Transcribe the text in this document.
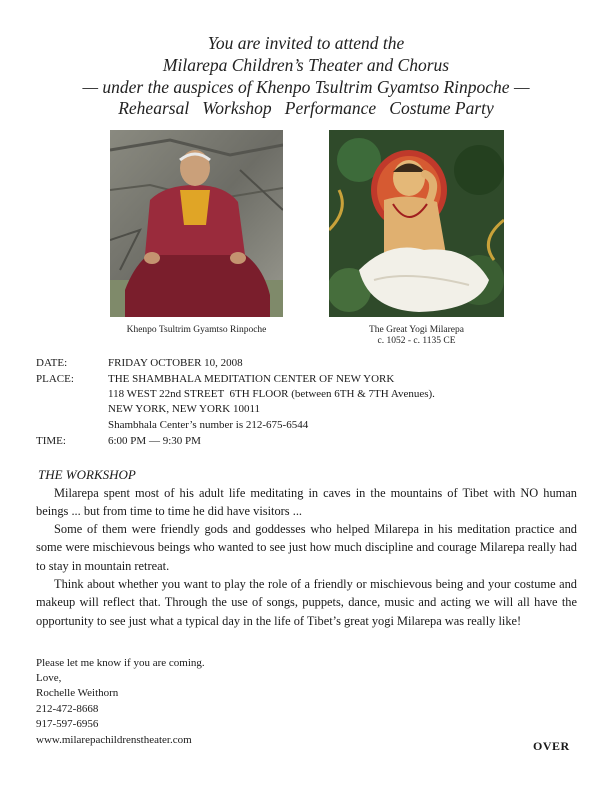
You are invited to attend the
Milarepa Children’s Theater and Chorus
— under the auspices of Khenpo Tsultrim Gyamtso Rinpoche —
Rehearsal   Workshop   Performance   Costume Party
Khenpo Tsultrim Gyamtso Rinpoche	The Great Yogi Milarepa
c. 1052 - c. 1135 CE
DATE:	FRIDAY OCTOBER 10, 2008
PLACE:	THE SHAMBHALA MEDITATION CENTER OF NEW YORK
118 WEST 22nd STREET  6TH FLOOR (between 6TH & 7TH Avenues).
NEW YORK, NEW YORK 10011
Shambhala Center’s number is 212-675-6544
TIME:	6:00 PM — 9:30 PM
THE WORKSHOP
Milarepa spent most of his adult life meditating in caves in the mountains of Tibet with NO human beings ... but from time to time he did have visitors ...
Some of them were friendly gods and goddesses who helped Milarepa in his meditation practice and some were mischievous beings who wanted to see just how much discipline and courage Milarepa really had to stay in mountain retreat.
Think about whether you want to play the role of a friendly or mischievous being and your costume and makeup will reflect that. Through the use of songs, puppets, dance, music and acting we will all have the opportunity to see just what a typical day in the life of Tibet’s great yogi Milarepa was really like!
Please let me know if you are coming.
Love,
Rochelle Weithorn
212-472-8668
917-597-6956
www.milarepachildrenstheater.com	OVER
